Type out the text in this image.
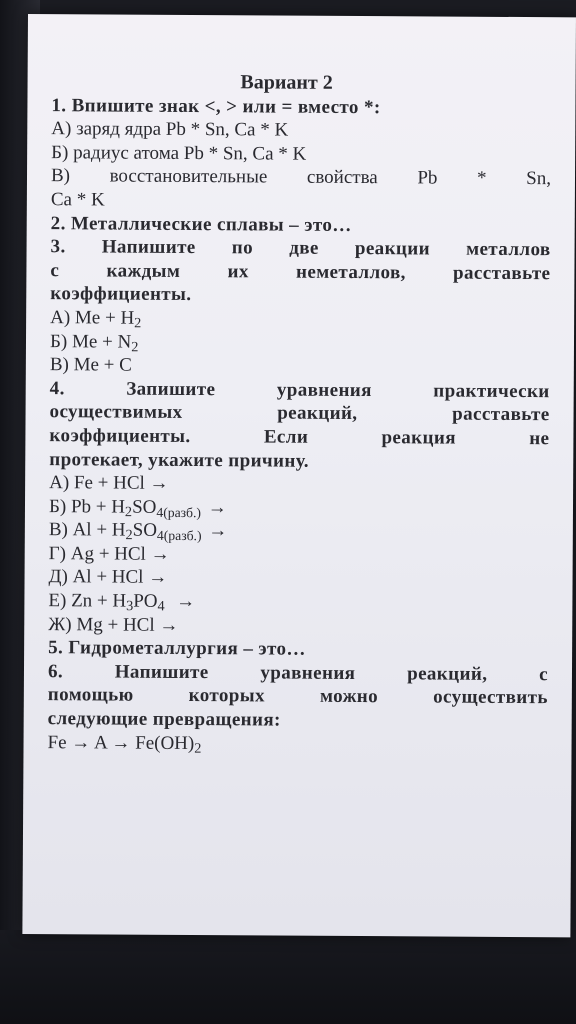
Вариант 2
1. Впишите знак <, > или = вместо *:
А) заряд ядра Pb * Sn, Ca * K
Б) радиус атома Pb * Sn, Ca * K
В) восстановительные свойства Pb * Sn,
Ca * K
2. Металлические сплавы – это…
3. Напишите по две реакции металлов
с каждым их неметаллов, расставьте
коэффициенты.
А) $Me + H_2$
Б) $Me + N_2$
В) Me + C
4. Запишите уравнения практически
осуществимых реакций, расставьте
коэффициенты. Если реакция не
протекает, укажите причину.
А) Fe + HCl →
Б) $Pb + H_2SO_{4(разб.)}$ →
В) $Al + H_2SO_{4(разб.)}$ →
Г) Ag + HCl →
Д) Al + HCl →
Е) $Zn + H_3PO_4$ →
Ж) Mg + HCl →
5. Гидрометаллургия – это…
6. Напишите уравнения реакций, с
помощью которых можно осуществить
следующие превращения:
$Fe \to A \to Fe(OH)_2$
